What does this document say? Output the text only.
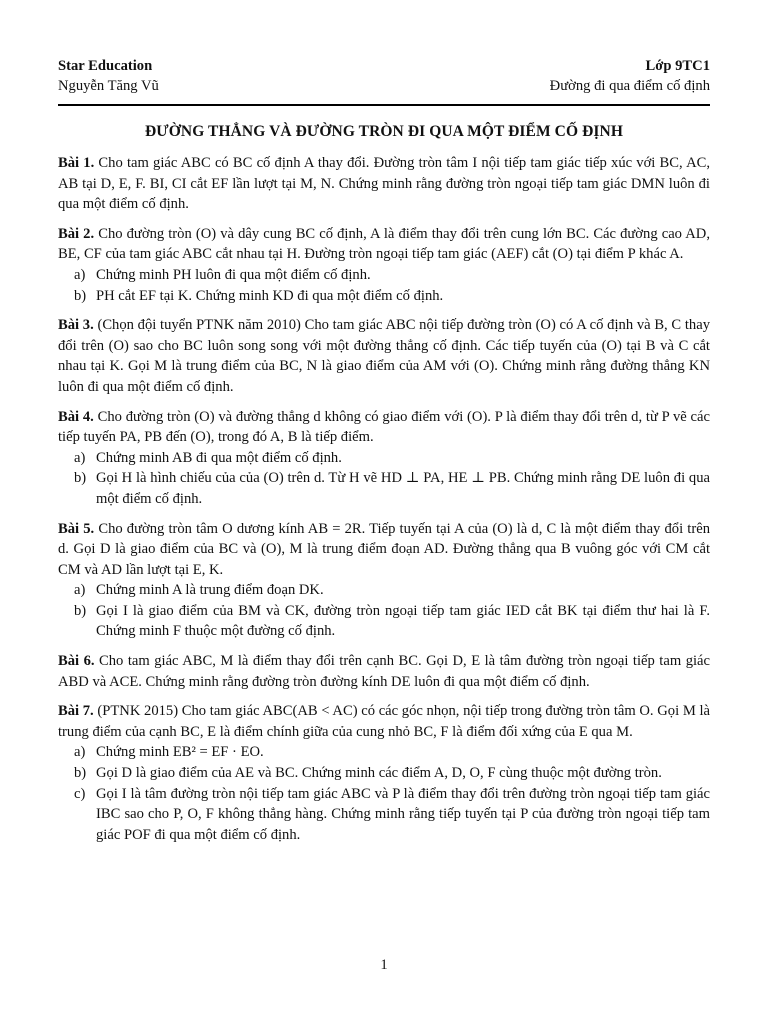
Star Education	Lớp 9TC1
Nguyễn Tăng Vũ	Đường đi qua điểm cố định
ĐƯỜNG THẲNG VÀ ĐƯỜNG TRÒN ĐI QUA MỘT ĐIỂM CỐ ĐỊNH
Bài 1. Cho tam giác ABC có BC cố định A thay đổi. Đường tròn tâm I nội tiếp tam giác tiếp xúc với BC, AC, AB tại D, E, F. BI, CI cắt EF lần lượt tại M, N. Chứng minh rằng đường tròn ngoại tiếp tam giác DMN luôn đi qua một điểm cố định.
Bài 2. Cho đường tròn (O) và dây cung BC cố định, A là điểm thay đổi trên cung lớn BC. Các đường cao AD, BE, CF của tam giác ABC cắt nhau tại H. Đường tròn ngoại tiếp tam giác (AEF) cắt (O) tại điểm P khác A.
a) Chứng minh PH luôn đi qua một điểm cố định.
b) PH cắt EF tại K. Chứng minh KD đi qua một điểm cố định.
Bài 3. (Chọn đội tuyển PTNK năm 2010) Cho tam giác ABC nội tiếp đường tròn (O) có A cố định và B, C thay đổi trên (O) sao cho BC luôn song song với một đường thẳng cố định. Các tiếp tuyến của (O) tại B và C cắt nhau tại K. Gọi M là trung điểm của BC, N là giao điểm của AM với (O). Chứng minh rằng đường thẳng KN luôn đi qua một điểm cố định.
Bài 4. Cho đường tròn (O) và đường thẳng d không có giao điểm với (O). P là điểm thay đổi trên d, từ P vẽ các tiếp tuyến PA, PB đến (O), trong đó A, B là tiếp điểm.
a) Chứng minh AB đi qua một điểm cố định.
b) Gọi H là hình chiếu của của (O) trên d. Từ H vẽ HD ⊥ PA, HE ⊥ PB. Chứng minh rằng DE luôn đi qua một điểm cố định.
Bài 5. Cho đường tròn tâm O dương kính AB = 2R. Tiếp tuyến tại A của (O) là d, C là một điểm thay đổi trên d. Gọi D là giao điểm của BC và (O), M là trung điểm đoạn AD. Đường thẳng qua B vuông góc với CM cắt CM và AD lần lượt tại E, K.
a) Chứng minh A là trung điểm đoạn DK.
b) Gọi I là giao điểm của BM và CK, đường tròn ngoại tiếp tam giác IED cắt BK tại điểm thư hai là F. Chứng minh F thuộc một đường cố định.
Bài 6. Cho tam giác ABC, M là điểm thay đổi trên cạnh BC. Gọi D, E là tâm đường tròn ngoại tiếp tam giác ABD và ACE. Chứng minh rằng đường tròn đường kính DE luôn đi qua một điểm cố định.
Bài 7. (PTNK 2015) Cho tam giác ABC(AB < AC) có các góc nhọn, nội tiếp trong đường tròn tâm O. Gọi M là trung điểm của cạnh BC, E là điểm chính giữa của cung nhỏ BC, F là điểm đối xứng của E qua M.
a) Chứng minh EB² = EF · EO.
b) Gọi D là giao điểm của AE và BC. Chứng minh các điểm A, D, O, F cùng thuộc một đường tròn.
c) Gọi I là tâm đường tròn nội tiếp tam giác ABC và P là điểm thay đổi trên đường tròn ngoại tiếp tam giác IBC sao cho P, O, F không thẳng hàng. Chứng minh rằng tiếp tuyến tại P của đường tròn ngoại tiếp tam giác POF đi qua một điểm cố định.
1
